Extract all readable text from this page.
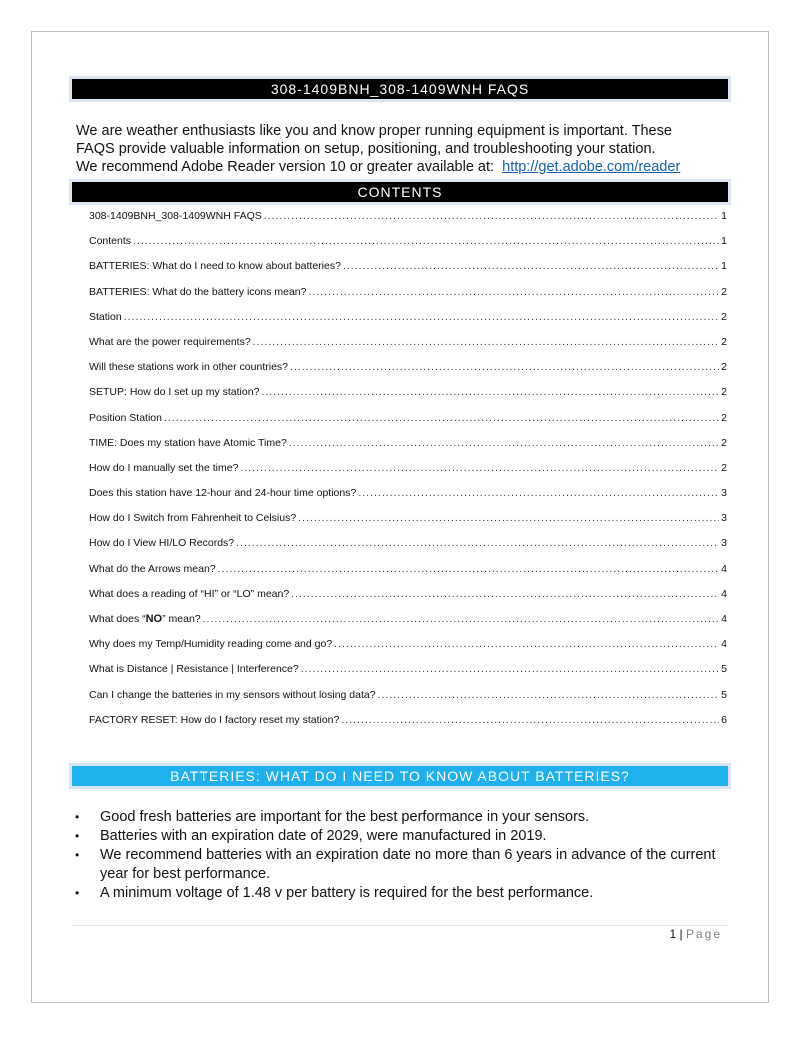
308-1409BNH_308-1409WNH FAQS
We are weather enthusiasts like you and know proper running equipment is important. These
FAQS provide valuable information on setup, positioning, and troubleshooting your station.
We recommend Adobe Reader version 10 or greater available at: http://get.adobe.com/reader
CONTENTS
308-1409BNH_308-1409WNH FAQS .....	1
Contents .....	1
BATTERIES: What do I need to know about batteries? .....	1
BATTERIES: What do the battery icons mean? .....	2
Station .....	2
What are the power requirements? .....	2
Will these stations work in other countries? .....	2
SETUP: How do I set up my station? .....	2
Position Station .....	2
TIME: Does my station have Atomic Time? .....	2
How do I manually set the time? .....	2
Does this station have 12-hour and 24-hour time options? .....	3
How do I Switch from Fahrenheit to Celsius? .....	3
How do I View HI/LO Records? .....	3
What do the Arrows mean? .....	4
What does a reading of “HI” or “LO” mean? .....	4
What does “NO” mean? .....	4
Why does my Temp/Humidity reading come and go? .....	4
What is Distance | Resistance | Interference? .....	5
Can I change the batteries in my sensors without losing data? .....	5
FACTORY RESET: How do I factory reset my station? .....	6
BATTERIES: WHAT DO I NEED TO KNOW ABOUT BATTERIES?
• Good fresh batteries are important for the best performance in your sensors.
• Batteries with an expiration date of 2029, were manufactured in 2019.
• We recommend batteries with an expiration date no more than 6 years in advance of the current year for best performance.
• A minimum voltage of 1.48 v per battery is required for the best performance.
1 | Page
